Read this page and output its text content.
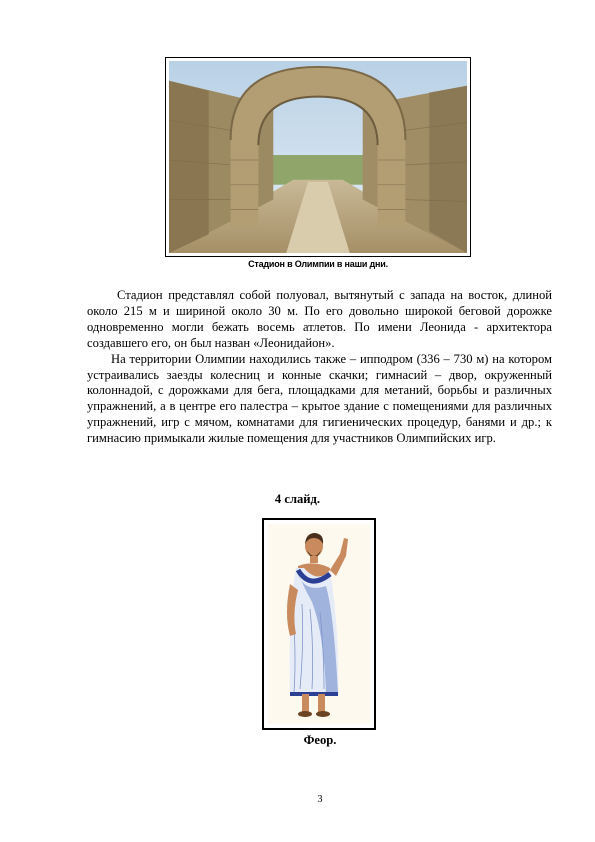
Стадион в Олимпии в наши дни.

Стадион представлял собой полуовал, вытянутый с запада на восток, длиной около 215 м и шириной около 30 м. По его довольно широкой беговой дорожке одновременно могли бежать восемь атлетов. По имени Леонида - архитектора создавшего его, он был назван «Леонидайон».

На территории Олимпии находились также – ипподром (336 – 730 м) на котором устраивались заезды колесниц и конные скачки; гимнасий – двор, окруженный колоннадой, с дорожками для бега, площадками для метаний, борьбы и различных упражнений, а в центре его палестра – крытое здание с помещениями для различных упражнений, игр с мячом, комнатами для гигиенических процедур, банями и др.; к гимнасию примыкали жилые помещения для участников Олимпийских игр.

4 слайд.
Феор.
3
